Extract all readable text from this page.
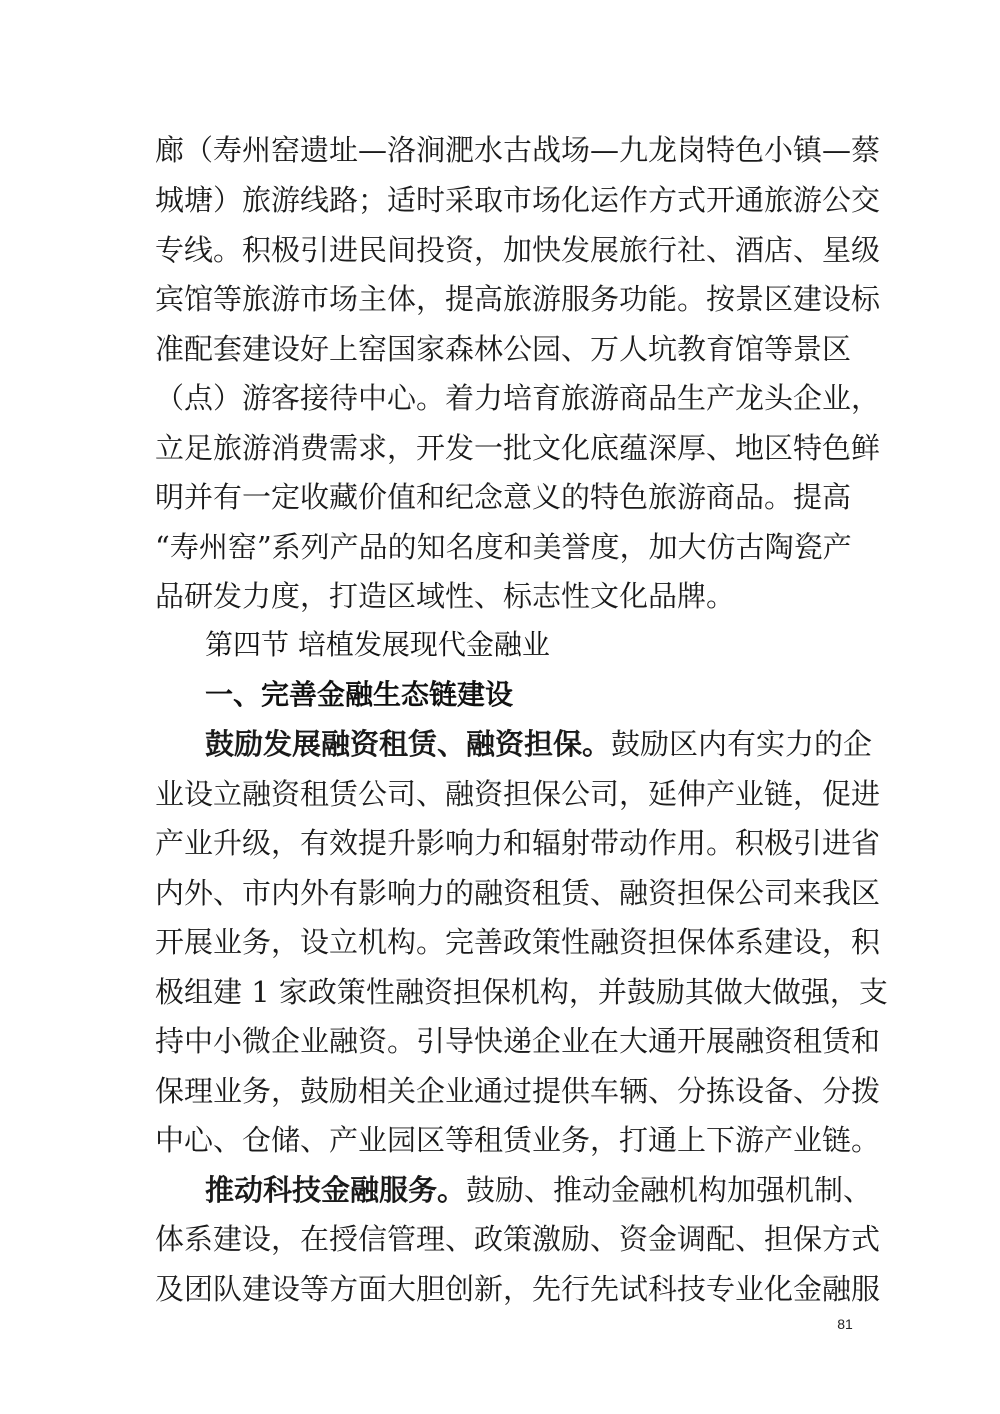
廊（寿州窑遗址—洛涧淝水古战场—九龙岗特色小镇—蔡
城塘）旅游线路；适时采取市场化运作方式开通旅游公交
专线。积极引进民间投资，加快发展旅行社、酒店、星级
宾馆等旅游市场主体，提高旅游服务功能。按景区建设标
准配套建设好上窑国家森林公园、万人坑教育馆等景区
（点）游客接待中心。着力培育旅游商品生产龙头企业，
立足旅游消费需求，开发一批文化底蕴深厚、地区特色鲜
明并有一定收藏价值和纪念意义的特色旅游商品。提高
“寿州窑”系列产品的知名度和美誉度，加大仿古陶瓷产
品研发力度，打造区域性、标志性文化品牌。
第四节 培植发展现代金融业
一、完善金融生态链建设
鼓励发展融资租赁、融资担保。鼓励区内有实力的企
业设立融资租赁公司、融资担保公司，延伸产业链，促进
产业升级，有效提升影响力和辐射带动作用。积极引进省
内外、市内外有影响力的融资租赁、融资担保公司来我区
开展业务，设立机构。完善政策性融资担保体系建设，积
极组建 1 家政策性融资担保机构，并鼓励其做大做强，支
持中小微企业融资。引导快递企业在大通开展融资租赁和
保理业务，鼓励相关企业通过提供车辆、分拣设备、分拨
中心、仓储、产业园区等租赁业务，打通上下游产业链。
推动科技金融服务。鼓励、推动金融机构加强机制、
体系建设，在授信管理、政策激励、资金调配、担保方式
及团队建设等方面大胆创新，先行先试科技专业化金融服
81
